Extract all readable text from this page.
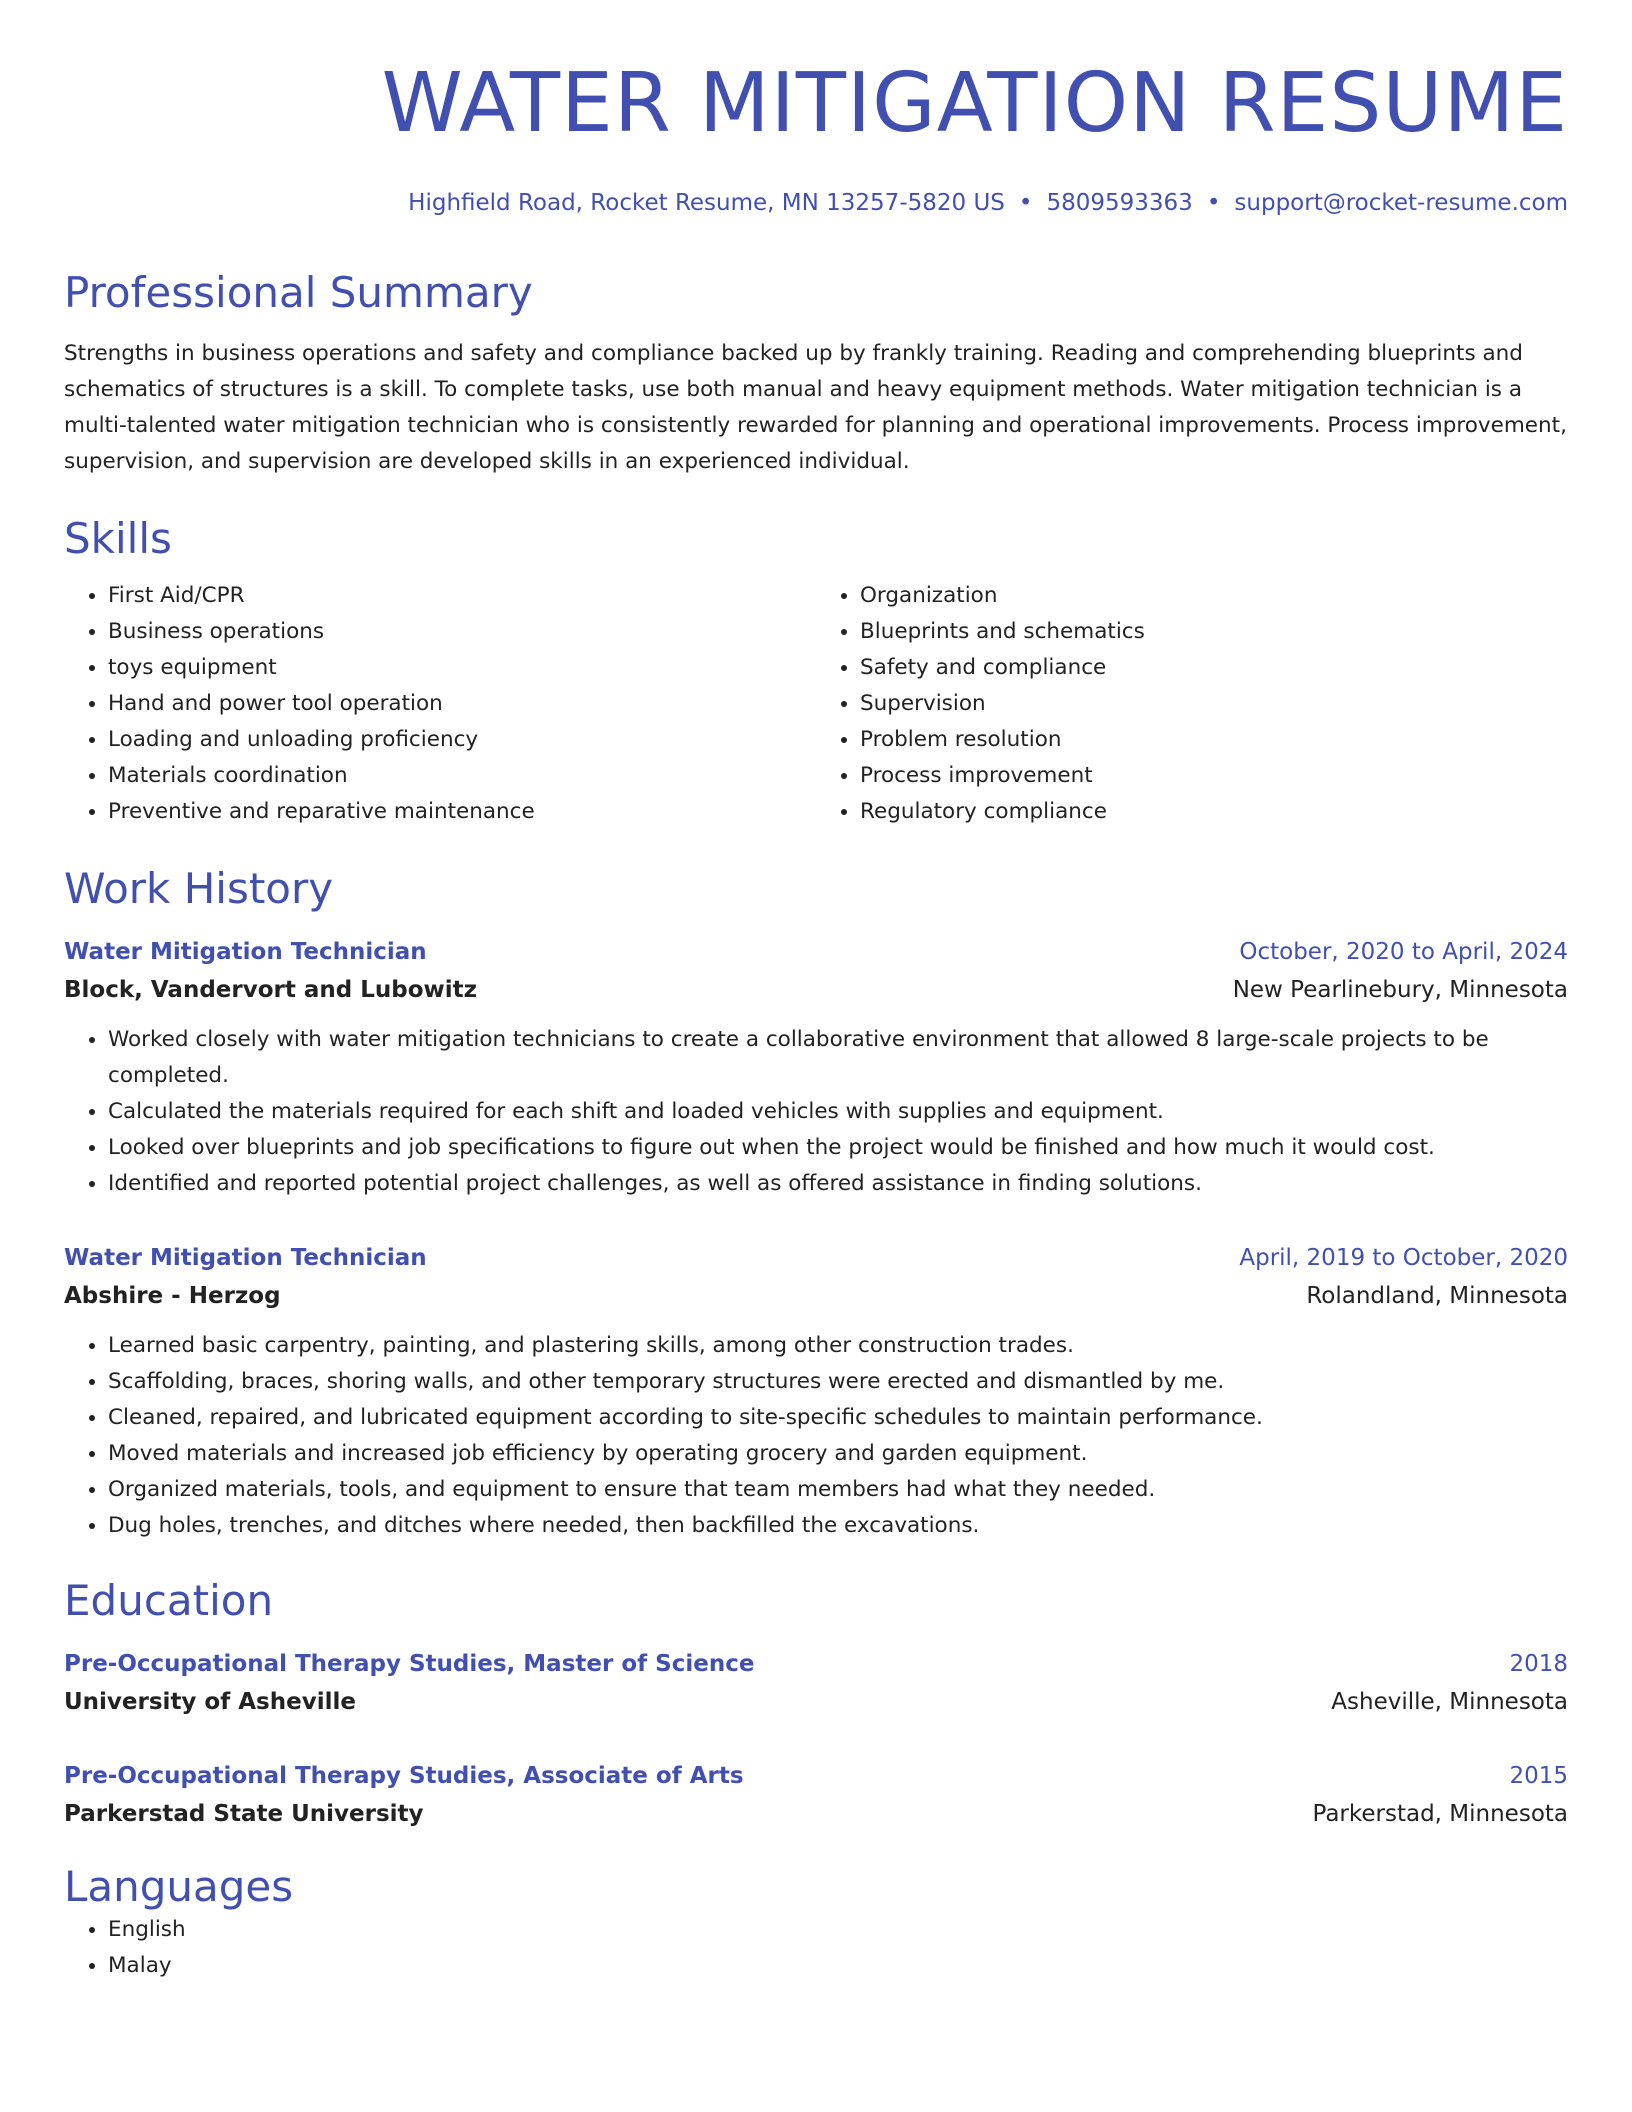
WATER MITIGATION RESUME
Highfield Road, Rocket Resume, MN 13257-5820 US • 5809593363 • support@rocket-resume.com
Professional Summary

Strengths in business operations and safety and compliance backed up by frankly training. Reading and comprehending blueprints and schematics of structures is a skill. To complete tasks, use both manual and heavy equipment methods. Water mitigation technician is a multi-talented water mitigation technician who is consistently rewarded for planning and operational improvements. Process improvement, supervision, and supervision are developed skills in an experienced individual.

Skills
• First Aid/CPR
• Business operations
• toys equipment
• Hand and power tool operation
• Loading and unloading proficiency
• Materials coordination
• Preventive and reparative maintenance
• Organization
• Blueprints and schematics
• Safety and compliance
• Supervision
• Problem resolution
• Process improvement
• Regulatory compliance
Work History
Water Mitigation Technician	October, 2020 to April, 2024
Block, Vandervort and Lubowitz	New Pearlinebury, Minnesota
• Worked closely with water mitigation technicians to create a collaborative environment that allowed 8 large-scale projects to be completed.
• Calculated the materials required for each shift and loaded vehicles with supplies and equipment.
• Looked over blueprints and job specifications to figure out when the project would be finished and how much it would cost.
• Identified and reported potential project challenges, as well as offered assistance in finding solutions.
Water Mitigation Technician	April, 2019 to October, 2020
Abshire - Herzog	Rolandland, Minnesota
• Learned basic carpentry, painting, and plastering skills, among other construction trades.
• Scaffolding, braces, shoring walls, and other temporary structures were erected and dismantled by me.
• Cleaned, repaired, and lubricated equipment according to site-specific schedules to maintain performance.
• Moved materials and increased job efficiency by operating grocery and garden equipment.
• Organized materials, tools, and equipment to ensure that team members had what they needed.
• Dug holes, trenches, and ditches where needed, then backfilled the excavations.
Education
Pre-Occupational Therapy Studies, Master of Science	2018
University of Asheville	Asheville, Minnesota
Pre-Occupational Therapy Studies, Associate of Arts	2015
Parkerstad State University	Parkerstad, Minnesota
Languages
• English
• Malay
